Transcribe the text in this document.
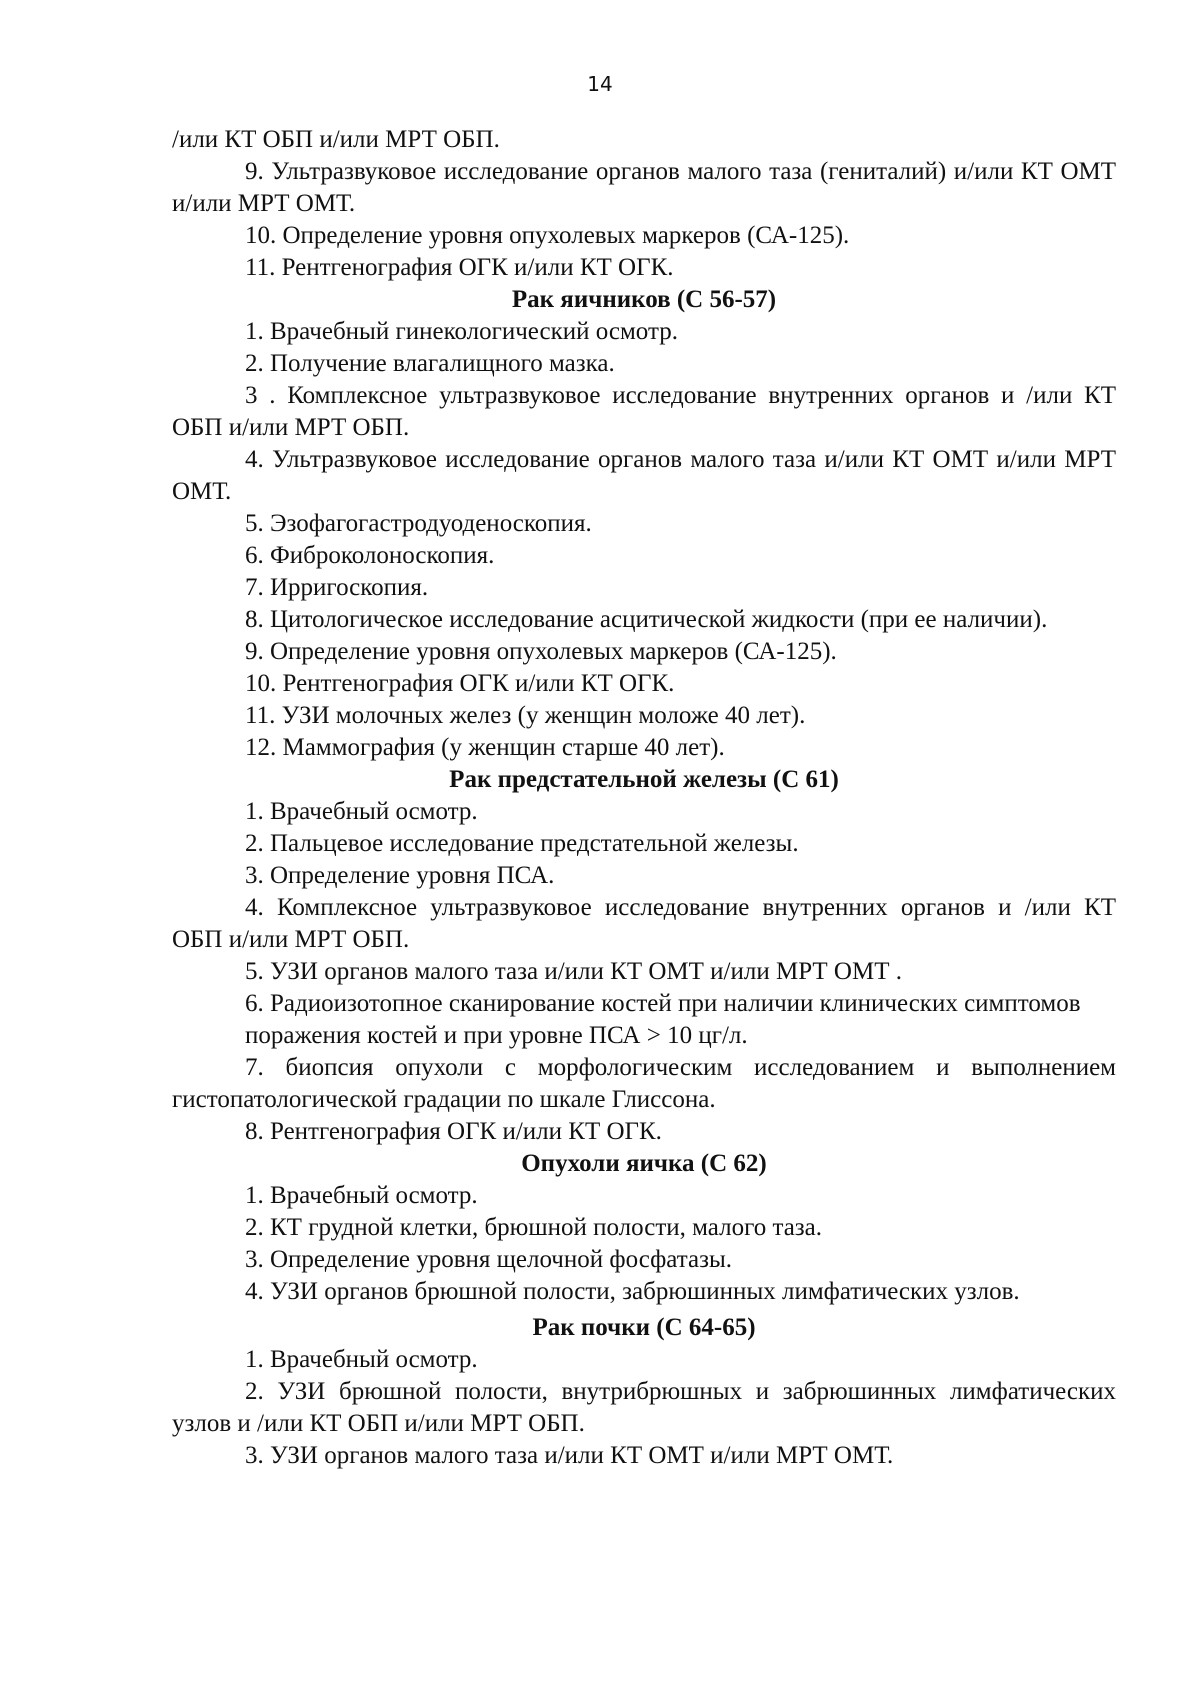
14

/или КТ ОБП и/или МРТ ОБП.

9. Ультразвуковое исследование органов малого таза (гениталий) и/или КТ ОМТ и/или МРТ ОМТ.

10. Определение уровня опухолевых маркеров (СА-125).

11. Рентгенография ОГК и/или КТ ОГК.

Рак яичников (С 56-57)

1. Врачебный гинекологический осмотр.

2. Получение влагалищного мазка.

3 . Комплексное ультразвуковое исследование внутренних органов и /или КТ ОБП и/или МРТ ОБП.

4. Ультразвуковое исследование органов малого таза и/или КТ ОМТ и/или МРТ ОМТ.

5. Эзофагогастродуоденоскопия.

6. Фиброколоноскопия.

7. Ирригоскопия.

8. Цитологическое исследование асцитической жидкости (при ее наличии).

9. Определение уровня опухолевых маркеров (СА-125).

10. Рентгенография ОГК и/или КТ ОГК.

11. УЗИ молочных желез (у женщин моложе 40 лет).

12. Маммография (у женщин старше 40 лет).

Рак предстательной железы (С 61)

1. Врачебный осмотр.

2. Пальцевое исследование предстательной железы.

3. Определение уровня ПСА.

4. Комплексное ультразвуковое исследование внутренних органов и /или КТ ОБП и/или МРТ ОБП.

5. УЗИ органов малого таза и/или КТ ОМТ и/или МРТ ОМТ .

6. Радиоизотопное сканирование костей при наличии клинических симптомов поражения костей и при уровне ПСА > 10 цг/л.

7. биопсия опухоли с морфологическим исследованием и выполнением гистопатологической градации по шкале Глиссона.

8. Рентгенография ОГК и/или КТ ОГК.

Опухоли яичка (С 62)

1. Врачебный осмотр.

2. КТ грудной клетки, брюшной полости, малого таза.

3. Определение уровня щелочной фосфатазы.

4. УЗИ органов брюшной полости, забрюшинных лимфатических узлов.

Рак почки (С 64-65)

1. Врачебный осмотр.

2. УЗИ брюшной полости, внутрибрюшных и забрюшинных лимфатических узлов и /или КТ ОБП и/или МРТ ОБП.

3. УЗИ органов малого таза и/или КТ ОМТ и/или МРТ ОМТ.
